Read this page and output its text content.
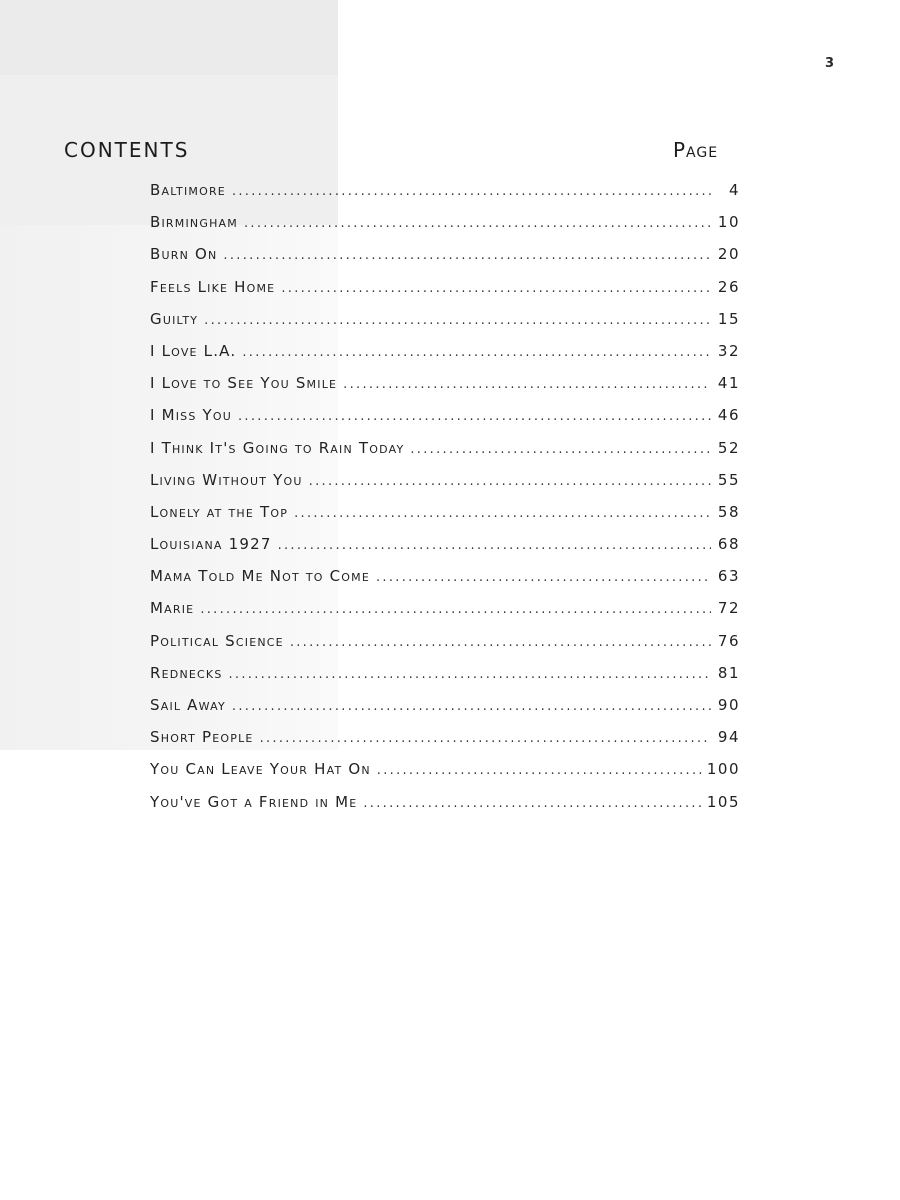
3
CONTENTS	Page
Baltimore .....	4
Birmingham .....	10
Burn On .....	20
Feels Like Home .....	26
Guilty .....	15
I Love L.A. .....	32
I Love to See You Smile .....	41
I Miss You .....	46
I Think It's Going to Rain Today .....	52
Living Without You .....	55
Lonely at the Top .....	58
Louisiana 1927 .....	68
Mama Told Me Not to Come .....	63
Marie .....	72
Political Science .....	76
Rednecks .....	81
Sail Away .....	90
Short People .....	94
You Can Leave Your Hat On .....	100
You've Got a Friend in Me .....	105
